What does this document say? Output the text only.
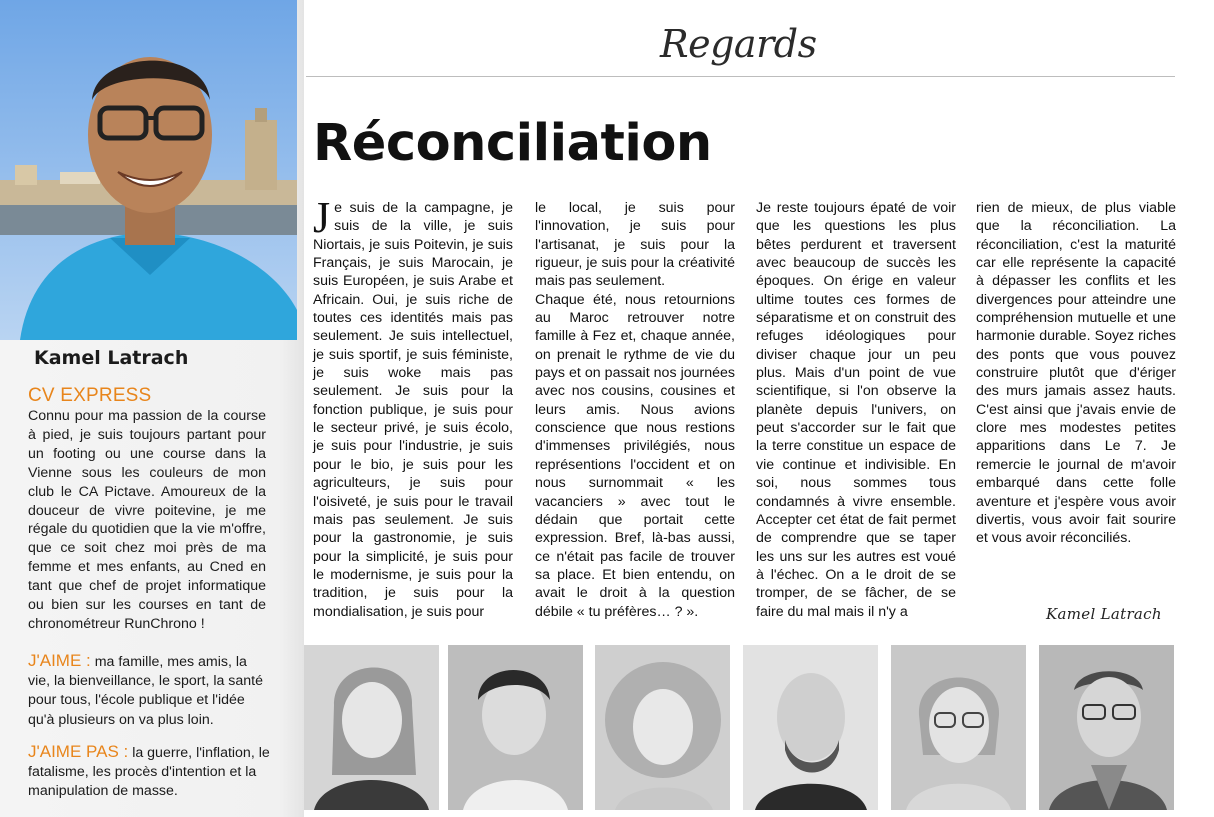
Kamel Latrach
CV EXPRESS
Connu pour ma passion de la course à pied, je suis toujours partant pour un footing ou une course dans la Vienne sous les couleurs de mon club le CA Pictave. Amoureux de la douceur de vivre poitevine, je me régale du quotidien que la vie m'offre, que ce soit chez moi près de ma femme et mes enfants, au Cned en tant que chef de projet informatique ou bien sur les courses en tant de chronométreur RunChrono !
J'AIME : ma famille, mes amis, la vie, la bienveillance, le sport, la santé pour tous, l'école publique et l'idée qu'à plusieurs on va plus loin.
J'AIME PAS : la guerre, l'inflation, le fatalisme, les procès d'intention et la manipulation de masse.
Regards
Réconciliation
J e suis de la campagne, je suis de la ville, je suis Niortais, je suis Poitevin, je suis Français, je suis Marocain, je suis Européen, je suis Arabe et Africain. Oui, je suis riche de toutes ces identités mais pas seulement. Je suis intellectuel, je suis sportif, je suis féministe, je suis woke mais pas seulement. Je suis pour la fonction publique, je suis pour le secteur privé, je suis écolo, je suis pour l'industrie, je suis pour le bio, je suis pour les agriculteurs, je suis pour l'oisiveté, je suis pour le travail mais pas seulement. Je suis pour la gastronomie, je suis pour la simplicité, je suis pour le modernisme, je suis pour la tradition, je suis pour la mondialisation, je suis pour
le local, je suis pour l'innovation, je suis pour l'artisanat, je suis pour la rigueur, je suis pour la créativité mais pas seulement.
Chaque été, nous retournions au Maroc retrouver notre famille à Fez et, chaque année, on prenait le rythme de vie du pays et on passait nos journées avec nos cousins, cousines et leurs amis. Nous avions conscience que nous restions d'immenses privilégiés, nous représentions l'occident et on nous surnommait « les vacanciers » avec tout le dédain que portait cette expression. Bref, là-bas aussi, ce n'était pas facile de trouver sa place. Et bien entendu, on avait le droit à la question débile « tu préfères… ? ».
Je reste toujours épaté de voir que les questions les plus bêtes perdurent et traversent avec beaucoup de succès les époques. On érige en valeur ultime toutes ces formes de séparatisme et on construit des refuges idéologiques pour diviser chaque jour un peu plus. Mais d'un point de vue scientifique, si l'on observe la planète depuis l'univers, on peut s'accorder sur le fait que la terre constitue un espace de vie continue et indivisible. En soi, nous sommes tous condamnés à vivre ensemble. Accepter cet état de fait permet de comprendre que se taper les uns sur les autres est voué à l'échec. On a le droit de se tromper, de se fâcher, de se faire du mal mais il n'y a
rien de mieux, de plus viable que la réconciliation. La réconciliation, c'est la maturité car elle représente la capacité à dépasser les conflits et les divergences pour atteindre une compréhension mutuelle et une harmonie durable. Soyez riches des ponts que vous pouvez construire plutôt que d'ériger des murs jamais assez hauts. C'est ainsi que j'avais envie de clore mes modestes petites apparitions dans Le 7. Je remercie le journal de m'avoir embarqué dans cette folle aventure et j'espère vous avoir divertis, vous avoir fait sourire et vous avoir réconciliés.
Kamel Latrach
